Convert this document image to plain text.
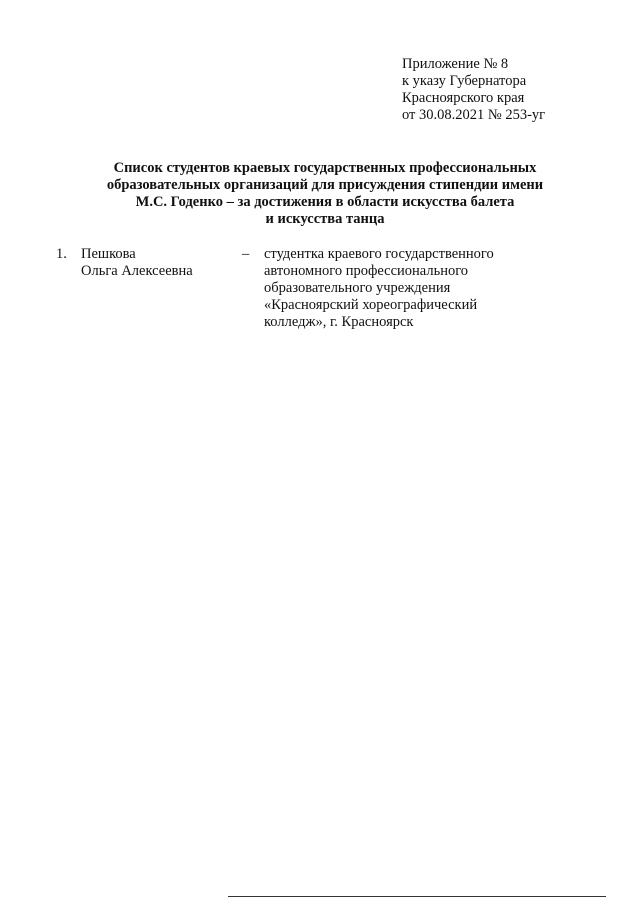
Приложение № 8
к указу Губернатора
Красноярского края
от 30.08.2021 № 253-уг
Список студентов краевых государственных профессиональных
образовательных организаций для присуждения стипендии имени
М.С. Годенко – за достижения в области искусства балета
и искусства танца
1. Пешкова
Ольга Алексеевна
– студентка краевого государственного
автономного профессионального
образовательного учреждения
«Красноярский хореографический
колледж», г. Красноярск
